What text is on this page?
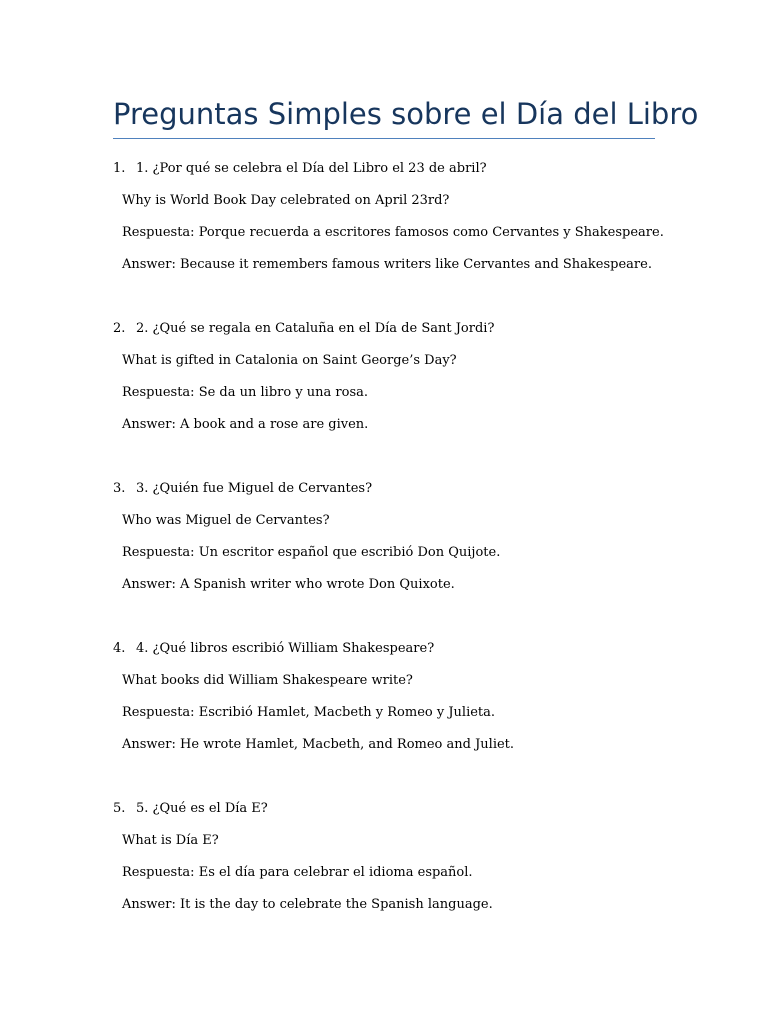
Preguntas Simples sobre el Día del Libro
1. 1. ¿Por qué se celebra el Día del Libro el 23 de abril?

Why is World Book Day celebrated on April 23rd?

Respuesta: Porque recuerda a escritores famosos como Cervantes y Shakespeare.

Answer: Because it remembers famous writers like Cervantes and Shakespeare.

2. 2. ¿Qué se regala en Cataluña en el Día de Sant Jordi?

What is gifted in Catalonia on Saint George’s Day?

Respuesta: Se da un libro y una rosa.

Answer: A book and a rose are given.

3. 3. ¿Quién fue Miguel de Cervantes?

Who was Miguel de Cervantes?

Respuesta: Un escritor español que escribió Don Quijote.

Answer: A Spanish writer who wrote Don Quixote.

4. 4. ¿Qué libros escribió William Shakespeare?

What books did William Shakespeare write?

Respuesta: Escribió Hamlet, Macbeth y Romeo y Julieta.

Answer: He wrote Hamlet, Macbeth, and Romeo and Juliet.

5. 5. ¿Qué es el Día E?

What is Día E?

Respuesta: Es el día para celebrar el idioma español.

Answer: It is the day to celebrate the Spanish language.
